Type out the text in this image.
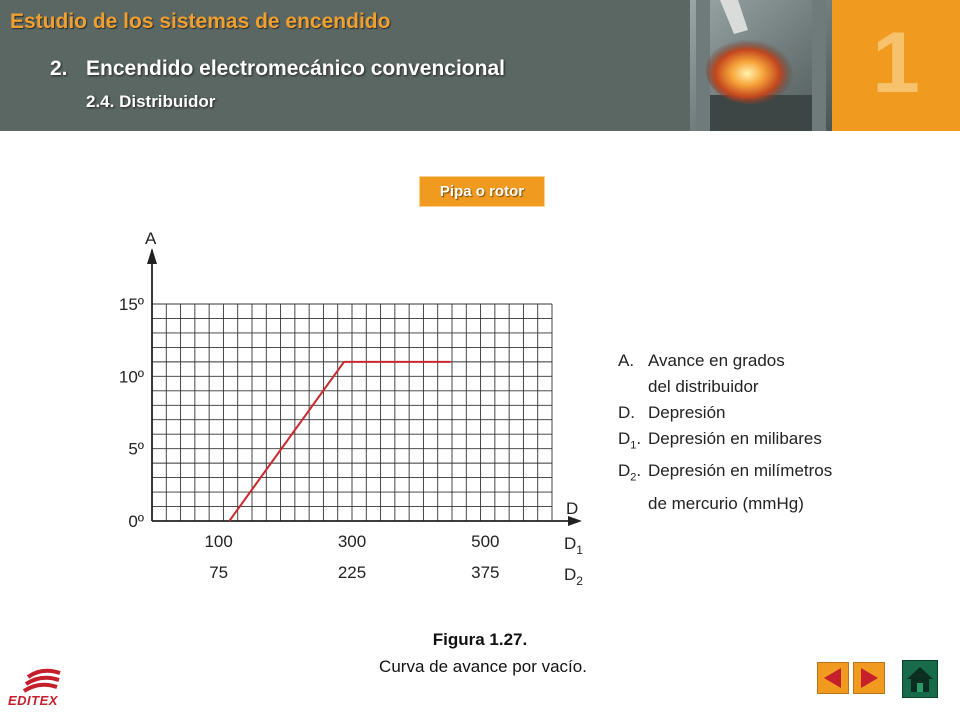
Estudio de los sistemas de encendido
2. Encendido electromecánico convencional
2.4. Distribuidor	1
Pipa o rotor
A
D
15º
10º
5º
0º
100	300	500	$D_1$
75	225	375	$D_2$
A. Avance en grados
del distribuidor
D. Depresión
$D_1$. Depresión en milibares
$D_2$. Depresión en milímetros
de mercurio (mmHg)
Figura 1.27.
Curva de avance por vacío.
EDITEX
